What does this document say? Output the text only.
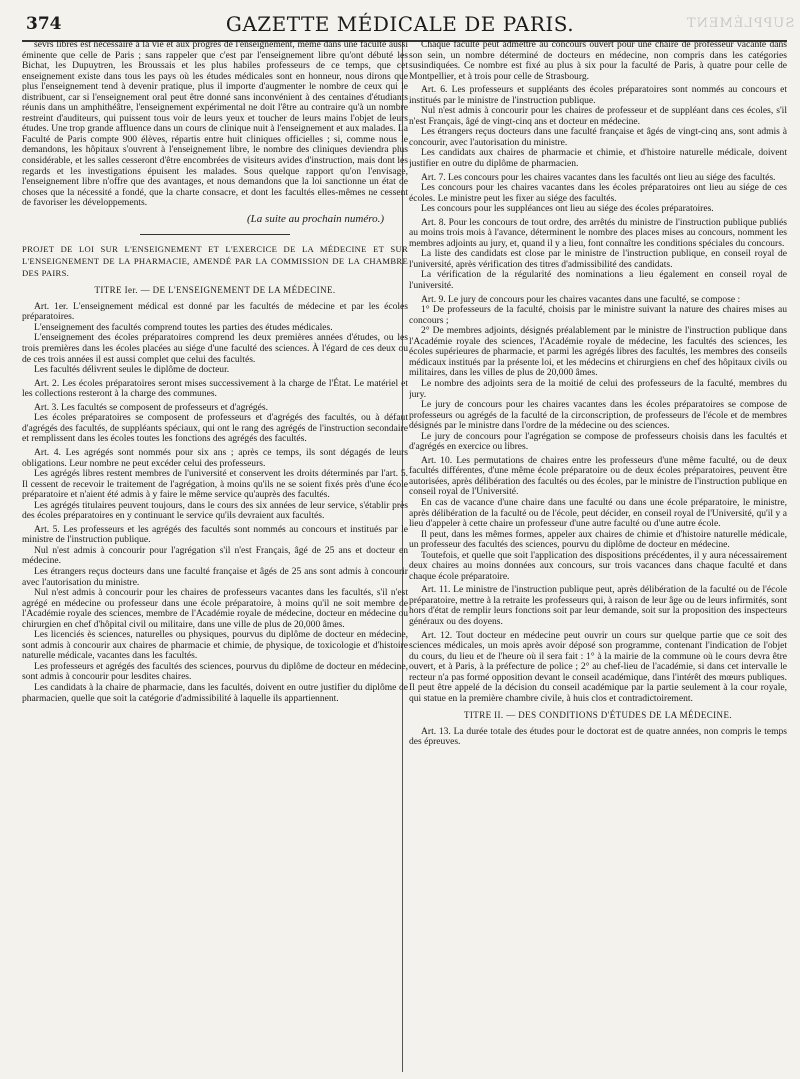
374	GAZETTE MÉDICALE DE PARIS.	SUPPLÉMENT

sevrs libres est nécessaire à la vie et aux progrès de l'enseignement, même dans une faculté aussi éminente que celle de Paris ; sans rappeler que c'est par l'enseignement libre qu'ont débuté les Bichat, les Dupuytren, les Broussais et les plus habiles professeurs de ce temps, que cet enseignement existe dans tous les pays où les études médicales sont en honneur, nous dirons que plus l'enseignement tend à devenir pratique, plus il importe d'augmenter le nombre de ceux qui le distribuent, car si l'enseignement oral peut être donné sans inconvénient à des centaines d'étudiants réunis dans un amphithéâtre, l'enseignement expérimental ne doit l'être au contraire qu'à un nombre restreint d'auditeurs, qui puissent tous voir de leurs yeux et toucher de leurs mains l'objet de leurs études. Une trop grande affluence dans un cours de clinique nuit à l'enseignement et aux malades. La Faculté de Paris compte 900 élèves, répartis entre huit cliniques officielles ; si, comme nous le demandons, les hôpitaux s'ouvrent à l'enseignement libre, le nombre des cliniques deviendra plus considérable, et les salles cesseront d'être encombrées de visiteurs avides d'instruction, mais dont les regards et les investigations épuisent les malades. Sous quelque rapport qu'on l'envisage, l'enseignement libre n'offre que des avantages, et nous demandons que la loi sanctionne un état de choses que la nécessité a fondé, que la charte consacre, et dont les facultés elles-mêmes ne cessent de favoriser les développements.

(La suite au prochain numéro.)

PROJET DE LOI SUR L'ENSEIGNEMENT ET L'EXERCICE DE LA MÉDECINE ET SUR L'ENSEIGNEMENT DE LA PHARMACIE, AMENDÉ PAR LA COMMISSION DE LA CHAMBRE DES PAIRS.

TITRE Ier. — DE L'ENSEIGNEMENT DE LA MÉDECINE.

Art. 1er. L'enseignement médical est donné par les facultés de médecine et par les écoles préparatoires.

L'enseignement des facultés comprend toutes les parties des études médicales.

L'enseignement des écoles préparatoires comprend les deux premières années d'études, ou les trois premières dans les écoles placées au siége d'une faculté des sciences. À l'égard de ces deux ou de ces trois années il est aussi complet que celui des facultés.

Les facultés délivrent seules le diplôme de docteur.

Art. 2. Les écoles préparatoires seront mises successivement à la charge de l'État. Le matériel et les collections resteront à la charge des communes.

Art. 3. Les facultés se composent de professeurs et d'agrégés.

Les écoles préparatoires se composent de professeurs et d'agrégés des facultés, ou à défaut d'agrégés des facultés, de suppléants spéciaux, qui ont le rang des agrégés de l'instruction secondaire et remplissent dans les écoles toutes les fonctions des agrégés des facultés.

Art. 4. Les agrégés sont nommés pour six ans ; après ce temps, ils sont dégagés de leurs obligations. Leur nombre ne peut excéder celui des professeurs.

Les agrégés libres restent membres de l'université et conservent les droits déterminés par l'art. 5. Il cessent de recevoir le traitement de l'agrégation, à moins qu'ils ne se soient fixés près d'une école préparatoire et n'aient été admis à y faire le même service qu'auprès des facultés.

Les agrégés titulaires peuvent toujours, dans le cours des six années de leur service, s'établir près des écoles préparatoires en y continuant le service qu'ils devraient aux facultés.

Art. 5. Les professeurs et les agrégés des facultés sont nommés au concours et institués par le ministre de l'instruction publique.

Nul n'est admis à concourir pour l'agrégation s'il n'est Français, âgé de 25 ans et docteur en médecine.

Les étrangers reçus docteurs dans une faculté française et âgés de 25 ans sont admis à concourir avec l'autorisation du ministre.

Nul n'est admis à concourir pour les chaires de professeurs vacantes dans les facultés, s'il n'est agrégé en médecine ou professeur dans une école préparatoire, à moins qu'il ne soit membre de l'Académie royale des sciences, membre de l'Académie royale de médecine, docteur en médecine ou chirurgien en chef d'hôpital civil ou militaire, dans une ville de plus de 20,000 âmes.

Les licenciés ès sciences, naturelles ou physiques, pourvus du diplôme de docteur en médecine, sont admis à concourir aux chaires de pharmacie et chimie, de physique, de toxicologie et d'histoire naturelle médicale, vacantes dans les facultés.

Les professeurs et agrégés des facultés des sciences, pourvus du diplôme de docteur en médecine, sont admis à concourir pour lesdites chaires.

Les candidats à la chaire de pharmacie, dans les facultés, doivent en outre justifier du diplôme de pharmacien, quelle que soit la catégorie d'admissibilité à laquelle ils appartiennent.

Chaque faculté peut admettre au concours ouvert pour une chaire de professeur vacante dans son sein, un nombre déterminé de docteurs en médecine, non compris dans les catégories susindiquées. Ce nombre est fixé au plus à six pour la faculté de Paris, à quatre pour celle de Montpellier, et à trois pour celle de Strasbourg.

Art. 6. Les professeurs et suppléants des écoles préparatoires sont nommés au concours et institués par le ministre de l'instruction publique.

Nul n'est admis à concourir pour les chaires de professeur et de suppléant dans ces écoles, s'il n'est Français, âgé de vingt-cinq ans et docteur en médecine.

Les étrangers reçus docteurs dans une faculté française et âgés de vingt-cinq ans, sont admis à concourir, avec l'autorisation du ministre.

Les candidats aux chaires de pharmacie et chimie, et d'histoire naturelle médicale, doivent justifier en outre du diplôme de pharmacien.

Art. 7. Les concours pour les chaires vacantes dans les facultés ont lieu au siége des facultés.

Les concours pour les chaires vacantes dans les écoles préparatoires ont lieu au siége de ces écoles. Le ministre peut les fixer au siége des facultés.

Les concours pour les suppléances ont lieu au siége des écoles préparatoires.

Art. 8. Pour les concours de tout ordre, des arrêtés du ministre de l'instruction publique publiés au moins trois mois à l'avance, déterminent le nombre des places mises au concours, nomment les membres adjoints au jury, et, quand il y a lieu, font connaître les conditions spéciales du concours.

La liste des candidats est close par le ministre de l'instruction publique, en conseil royal de l'université, après vérification des titres d'admissibilité des candidats.

La vérification de la régularité des nominations a lieu également en conseil royal de l'université.

Art. 9. Le jury de concours pour les chaires vacantes dans une faculté, se compose :

1° De professeurs de la faculté, choisis par le ministre suivant la nature des chaires mises au concours ;

2° De membres adjoints, désignés préalablement par le ministre de l'instruction publique dans l'Académie royale des sciences, l'Académie royale de médecine, les facultés des sciences, les écoles supérieures de pharmacie, et parmi les agrégés libres des facultés, les membres des conseils médicaux institués par la présente loi, et les médecins et chirurgiens en chef des hôpitaux civils ou militaires, dans les villes de plus de 20,000 âmes.

Le nombre des adjoints sera de la moitié de celui des professeurs de la faculté, membres du jury.

Le jury de concours pour les chaires vacantes dans les écoles préparatoires se compose de professeurs ou agrégés de la faculté de la circonscription, de professeurs de l'école et de membres désignés par le ministre dans l'ordre de la médecine ou des sciences.

Le jury de concours pour l'agrégation se compose de professeurs choisis dans les facultés et d'agrégés en exercice ou libres.

Art. 10. Les permutations de chaires entre les professeurs d'une même faculté, ou de deux facultés différentes, d'une même école préparatoire ou de deux écoles préparatoires, peuvent être autorisées, après délibération des facultés ou des écoles, par le ministre de l'instruction publique en conseil royal de l'Université.

En cas de vacance d'une chaire dans une faculté ou dans une école préparatoire, le ministre, après délibération de la faculté ou de l'école, peut décider, en conseil royal de l'Université, qu'il y a lieu d'appeler à cette chaire un professeur d'une autre faculté ou d'une autre école.

Il peut, dans les mêmes formes, appeler aux chaires de chimie et d'histoire naturelle médicale, un professeur des facultés des sciences, pourvu du diplôme de docteur en médecine.

Toutefois, et quelle que soit l'application des dispositions précédentes, il y aura nécessairement deux chaires au moins données aux concours, sur trois vacances dans chaque faculté et dans chaque école préparatoire.

Art. 11. Le ministre de l'instruction publique peut, après délibération de la faculté ou de l'école préparatoire, mettre à la retraite les professeurs qui, à raison de leur âge ou de leurs infirmités, sont hors d'état de remplir leurs fonctions soit par leur demande, soit sur la proposition des inspecteurs généraux ou des doyens.

Art. 12. Tout docteur en médecine peut ouvrir un cours sur quelque partie que ce soit des sciences médicales, un mois après avoir déposé son programme, contenant l'indication de l'objet du cours, du lieu et de l'heure où il sera fait : 1° à la mairie de la commune où le cours devra être ouvert, et à Paris, à la préfecture de police ; 2° au chef-lieu de l'académie, si dans cet intervalle le recteur n'a pas formé opposition devant le conseil académique, dans l'intérêt des mœurs publiques. Il peut être appelé de la décision du conseil académique par la partie seulement à la cour royale, qui statue en la première chambre civile, à huis clos et contradictoirement.

TITRE II. — DES CONDITIONS D'ÉTUDES DE LA MÉDECINE.

Art. 13. La durée totale des études pour le doctorat est de quatre années, non compris le temps des épreuves.
